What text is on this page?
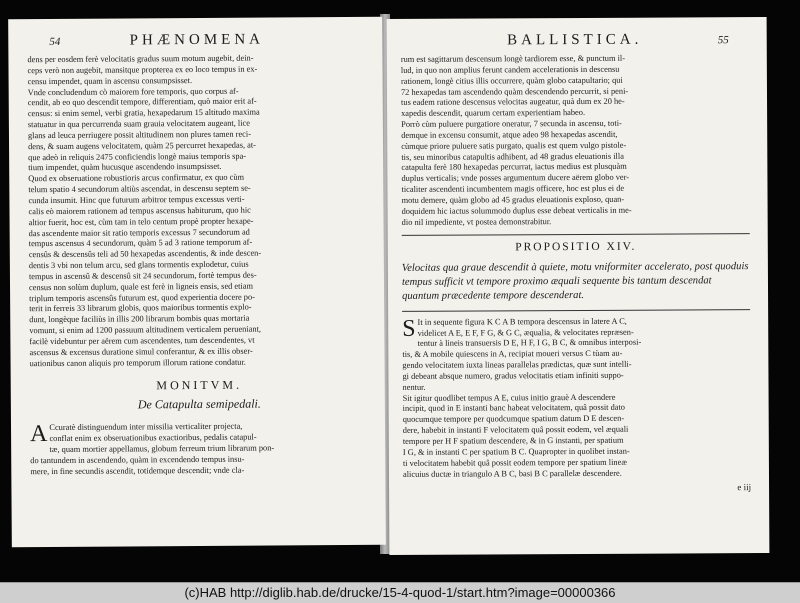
54	PHÆNOMENA
dens per eosdem ferè velocitatis gradus suum motum augebit, dein-
ceps verò non augebit, mansitque propterea ex eo loco tempus in ex-
censu impendet, quam in ascensu consumpsisset.
Vnde concludendum cò maiorem fore temporis, quo corpus af-
cendit, ab eo quo descendit tempore, differentiam, quò maior erit af-
census: si enim semel, verbi gratia, hexapedarum 15 altitudo maxima
statuatur in qua percurrenda suam grauia velocitatem augeant, lice
glans ad leuca perriugere possit altitudinem non plures tamen reci-
dens, & suam augens velocitatem, quàm 25 percurret hexapedas, at-
que adeò in reliquis 2475 conficiendis longè maius temporis spa-
tium impendet, quàm hucusque ascendendo insumpsisset.
Quod ex obseruatione robustioris arcus confirmatur, ex quo cùm
telum spatio 4 secundorum altiùs ascendat, in descensu septem se-
cunda insumit. Hinc que futurum arbitror tempus excessus verti-
calis eò maiorem rationem ad tempus ascensus habiturum, quo hic
altior fuerit, hoc est, cùm tam in telo centum propè propter hexape-
das ascendente maior sit ratio temporis excessus 7 secundorum ad
tempus ascensus 4 secundorum, quàm 5 ad 3 ratione temporum af-
censûs & descensûs teli ad 50 hexapedas ascendentis, & inde descen-
dentis 3 vbi non telum arcu, sed glans tormentis explodetur, cuius
tempus in ascensû & descensû sit 24 secundorum, fortè tempus des-
census non solùm duplum, quale est ferè in ligneis ensis, sed etiam
triplum temporis ascensûs futurum est, quod experientia docere po-
terit in ferreis 33 librarum globis, quos maioribus tormentis explo-
dunt, longèque faciliùs in illis 200 librarum bombis quas mortaria
vomunt, si enim ad 1200 passuum altitudinem verticalem perueniant,
facilè videbuntur per aërem cum ascendentes, tum descendentes, vt
ascensus & excensus duratione simul conferantur, & ex illis obser-
uationibus canon aliquis pro temporum illorum ratione condatur.
MONITVM.
De Catapulta semipedali.
A Ccuratè distinguendum inter missilia verticaliter projecta,
conflat enim ex obseruationibus exactioribus, pedalis catapul-
tæ, quam mortier appellamus, globum ferreum trium librarum pon-
do tantundem in ascendendo, quàm in excendendo tempus insu-
mere, in fine secundis ascendit, totidemque descendit; vnde cla-
BALLISTICA.	55
rum est sagittarum descensum longè tardiorem esse, & punctum il-
lud, in quo non amplius ferunt candem accelerationis in descensu
rationem, longè citius illis occurrere, quàm globo catapultario; qui
72 hexapedas tam ascendendo quàm descendendo percurrit, si peni-
tus eadem ratione descensus velocitas augeatur, quà dum ex 20 he-
xapedis descendit, quarum certam experientiam habeo.
Porrò cùm puluere purgatiore oneratur, 7 secunda in ascensu, toti-
demque in excensu consumit, atque adeo 98 hexapedas ascendit,
cùmque priore puluere satis purgato, qualis est quem vulgo pistole-
tis, seu minoribus catapultis adhibent, ad 48 gradus eleuationis illa
catapulta ferè 180 hexapedas percurrat, iactus medius est plusquàm
duplus verticalis; vnde posses argumentum ducere aërem globo ver-
ticaliter ascendenti incumbentem magis officere, hoc est plus ei de
motu demere, quàm globo ad 45 gradus eleuationis exploso, quan-
doquidem hic iactus solummodo duplus esse debeat verticalis in me-
dio nil impediente, vt postea demonstrabitur.
PROPOSITIO XIV.
Velocitas qua graue descendit à quiete, motu vniformiter accelerato, post quoduis tempus sufficit vt tempore proximo æquali sequente bis tantum descendat quantum præcedente tempore descenderat.
S It in sequente figura K C A B tempora descensus in latere A C,
videlicet A E, E F, F G, & G C, æqualia, & velocitates repræsen-
tentur à lineis transuersis D E, H F, I G, B C, & omnibus interposi-
tis, & A mobile quiescens in A, recipiat moueri versus C tùam au-
gendo velocitatem iuxta lineas parallelas prædictas, quæ sunt intelli-
gi debeant absque numero, gradus velocitatis etiam infiniti suppo-
nentur.
Sit igitur quodlibet tempus A E, cuius initio grauè A descendere
incipit, quod in E instanti banc habeat velocitatem, quâ possit dato
quocumque tempore per quodcumque spatium datum D E descen-
dere, habebit in instanti F velocitatem quâ possit eodem, vel æquali
tempore per H F spatium descendere, & in G instanti, per spatium
I G, & in instanti C per spatium B C. Quapropter in quolibet instan-
ti velocitatem habebit quâ possit eodem tempore per spatium lineæ
alicuius ductæ in triangulo A B C, basi B C parallelæ descendere.
e iij
(c)HAB http://diglib.hab.de/drucke/15-4-quod-1/start.htm?image=00000366
